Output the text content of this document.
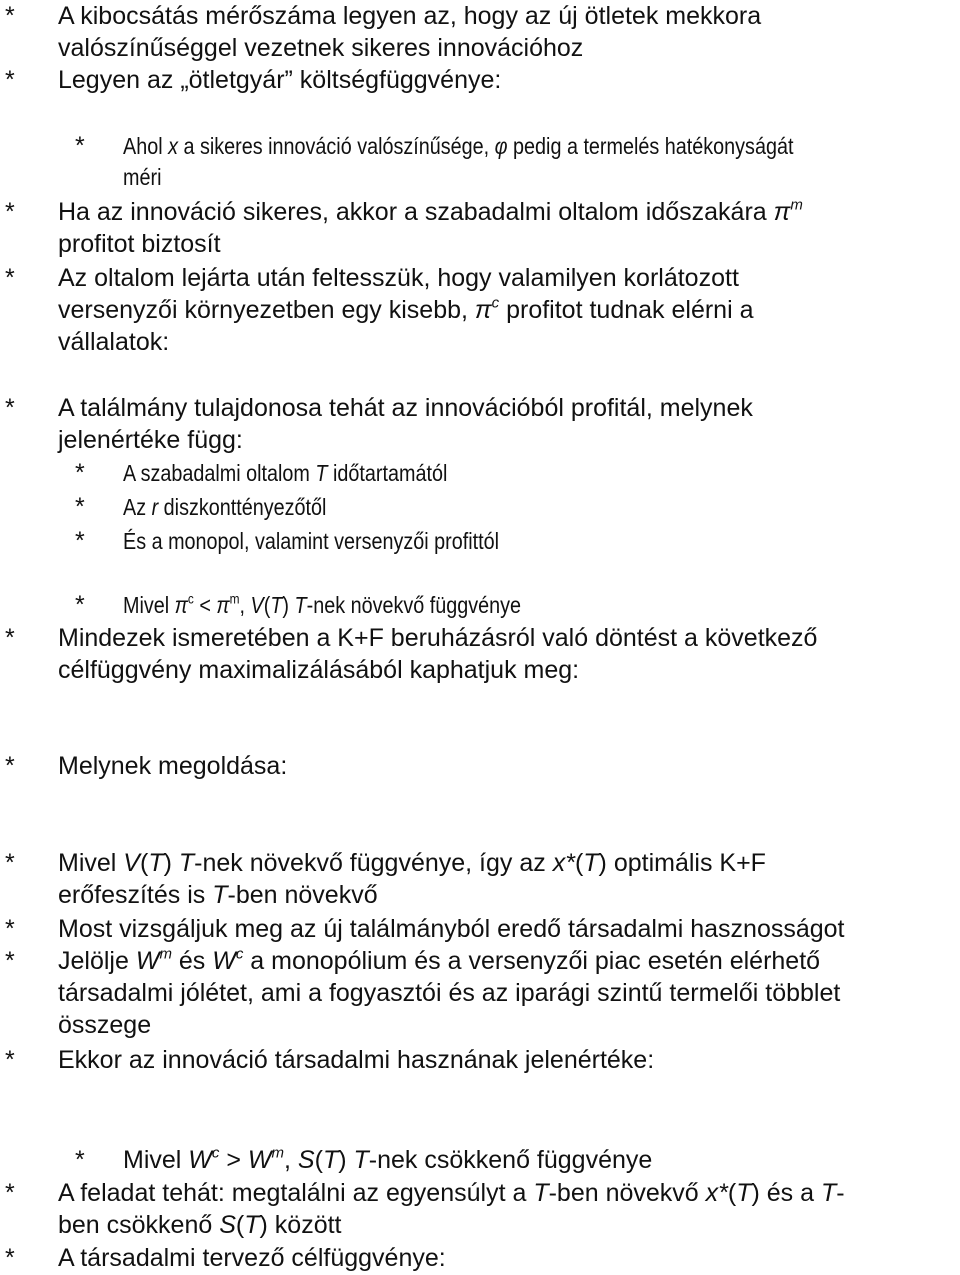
* A kibocsátás mérőszáma legyen az, hogy az új ötletek mekkora
valószínűséggel vezetnek sikeres innovációhoz
* Legyen az „ötletgyár” költségfüggvénye:
* Ahol x a sikeres innováció valószínűsége, φ pedig a termelés hatékonyságát
méri
* Ha az innováció sikeres, akkor a szabadalmi oltalom időszakára $\pi^m$
profitot biztosít
* Az oltalom lejárta után feltesszük, hogy valamilyen korlátozott
versenyzői környezetben egy kisebb, $\pi^c$ profitot tudnak elérni a
vállalatok:
* A találmány tulajdonosa tehát az innovációból profitál, melynek
jelenértéke függ:
* A szabadalmi oltalom T időtartamától
* Az r diszkonttényezőtől
* És a monopol, valamint versenyzői profittól
* Mivel $\pi^c < \pi^m$, V(T) T-nek növekvő függvénye
* Mindezek ismeretében a K+F beruházásról való döntést a következő
célfüggvény maximalizálásából kaphatjuk meg:
* Melynek megoldása:
* Mivel V(T) T-nek növekvő függvénye, így az x*(T) optimális K+F
erőfeszítés is T-ben növekvő
* Most vizsgáljuk meg az új találmányból eredő társadalmi hasznosságot
* Jelölje $W^m$ és $W^c$ a monopólium és a versenyzői piac esetén elérhető
társadalmi jólétet, ami a fogyasztói és az iparági szintű termelői többlet
összege
* Ekkor az innováció társadalmi hasznának jelenértéke:
* Mivel $W^c > W^m$, S(T) T-nek csökkenő függvénye
* A feladat tehát: megtalálni az egyensúlyt a T-ben növekvő x*(T) és a T-
ben csökkenő S(T) között
* A társadalmi tervező célfüggvénye:
